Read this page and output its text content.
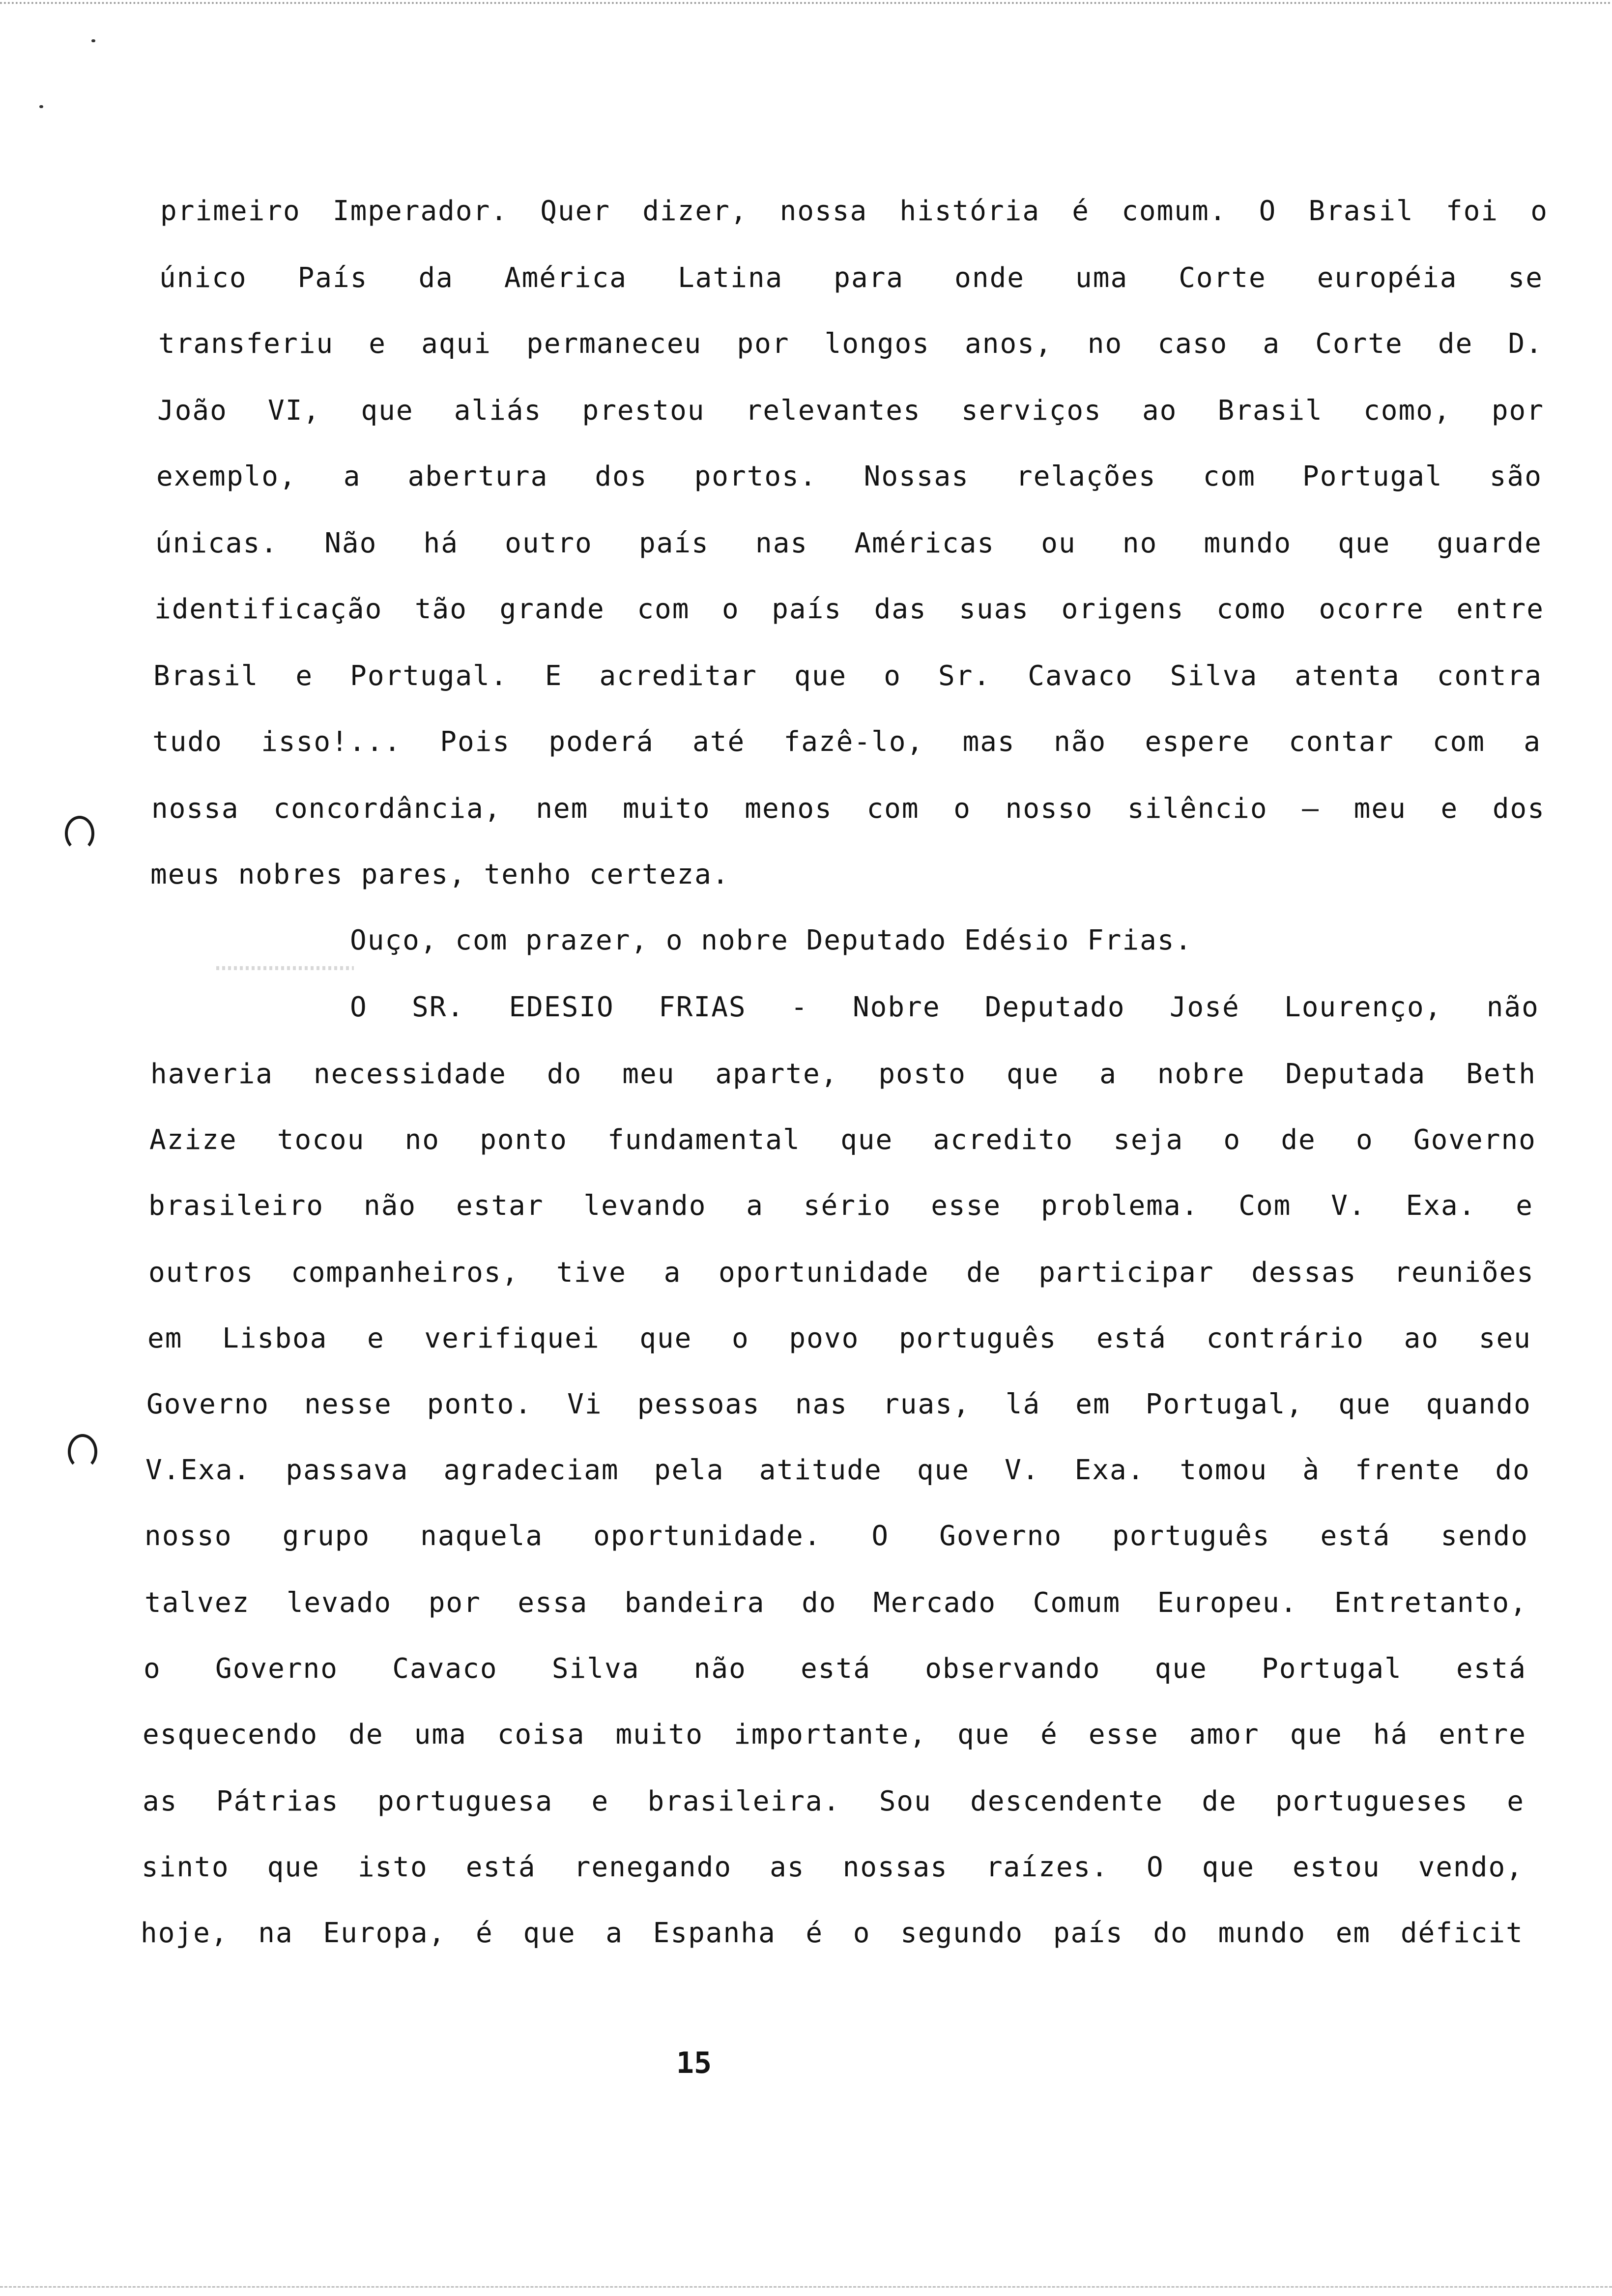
primeiro Imperador. Quer dizer, nossa história é comum. O Brasil foi o
único País da América Latina para onde uma Corte européia se
transferiu e aqui permaneceu por longos anos, no caso a Corte de D.
João VI, que aliás prestou relevantes serviços ao Brasil como, por
exemplo, a abertura dos portos. Nossas relações com Portugal são
únicas. Não há outro país nas Américas ou no mundo que guarde
identificação tão grande com o país das suas origens como ocorre entre
Brasil e Portugal. E acreditar que o Sr. Cavaco Silva atenta contra
tudo isso!... Pois poderá até fazê-lo, mas não espere contar com a
nossa concordância, nem muito menos com o nosso silêncio — meu e dos
meus nobres pares, tenho certeza.
Ouço, com prazer, o nobre Deputado Edésio Frias.
O SR. EDESIO FRIAS - Nobre Deputado José Lourenço, não
haveria necessidade do meu aparte, posto que a nobre Deputada Beth
Azize tocou no ponto fundamental que acredito seja o de o Governo
brasileiro não estar levando a sério esse problema. Com V. Exa. e
outros companheiros, tive a oportunidade de participar dessas reuniões
em Lisboa e verifiquei que o povo português está contrário ao seu
Governo nesse ponto. Vi pessoas nas ruas, lá em Portugal, que quando
V.Exa. passava agradeciam pela atitude que V. Exa. tomou à frente do
nosso grupo naquela oportunidade. O Governo português está sendo
talvez levado por essa bandeira do Mercado Comum Europeu. Entretanto,
o Governo Cavaco Silva não está observando que Portugal está
esquecendo de uma coisa muito importante, que é esse amor que há entre
as Pátrias portuguesa e brasileira. Sou descendente de portugueses e
sinto que isto está renegando as nossas raízes. O que estou vendo,
hoje, na Europa, é que a Espanha é o segundo país do mundo em déficit
15
